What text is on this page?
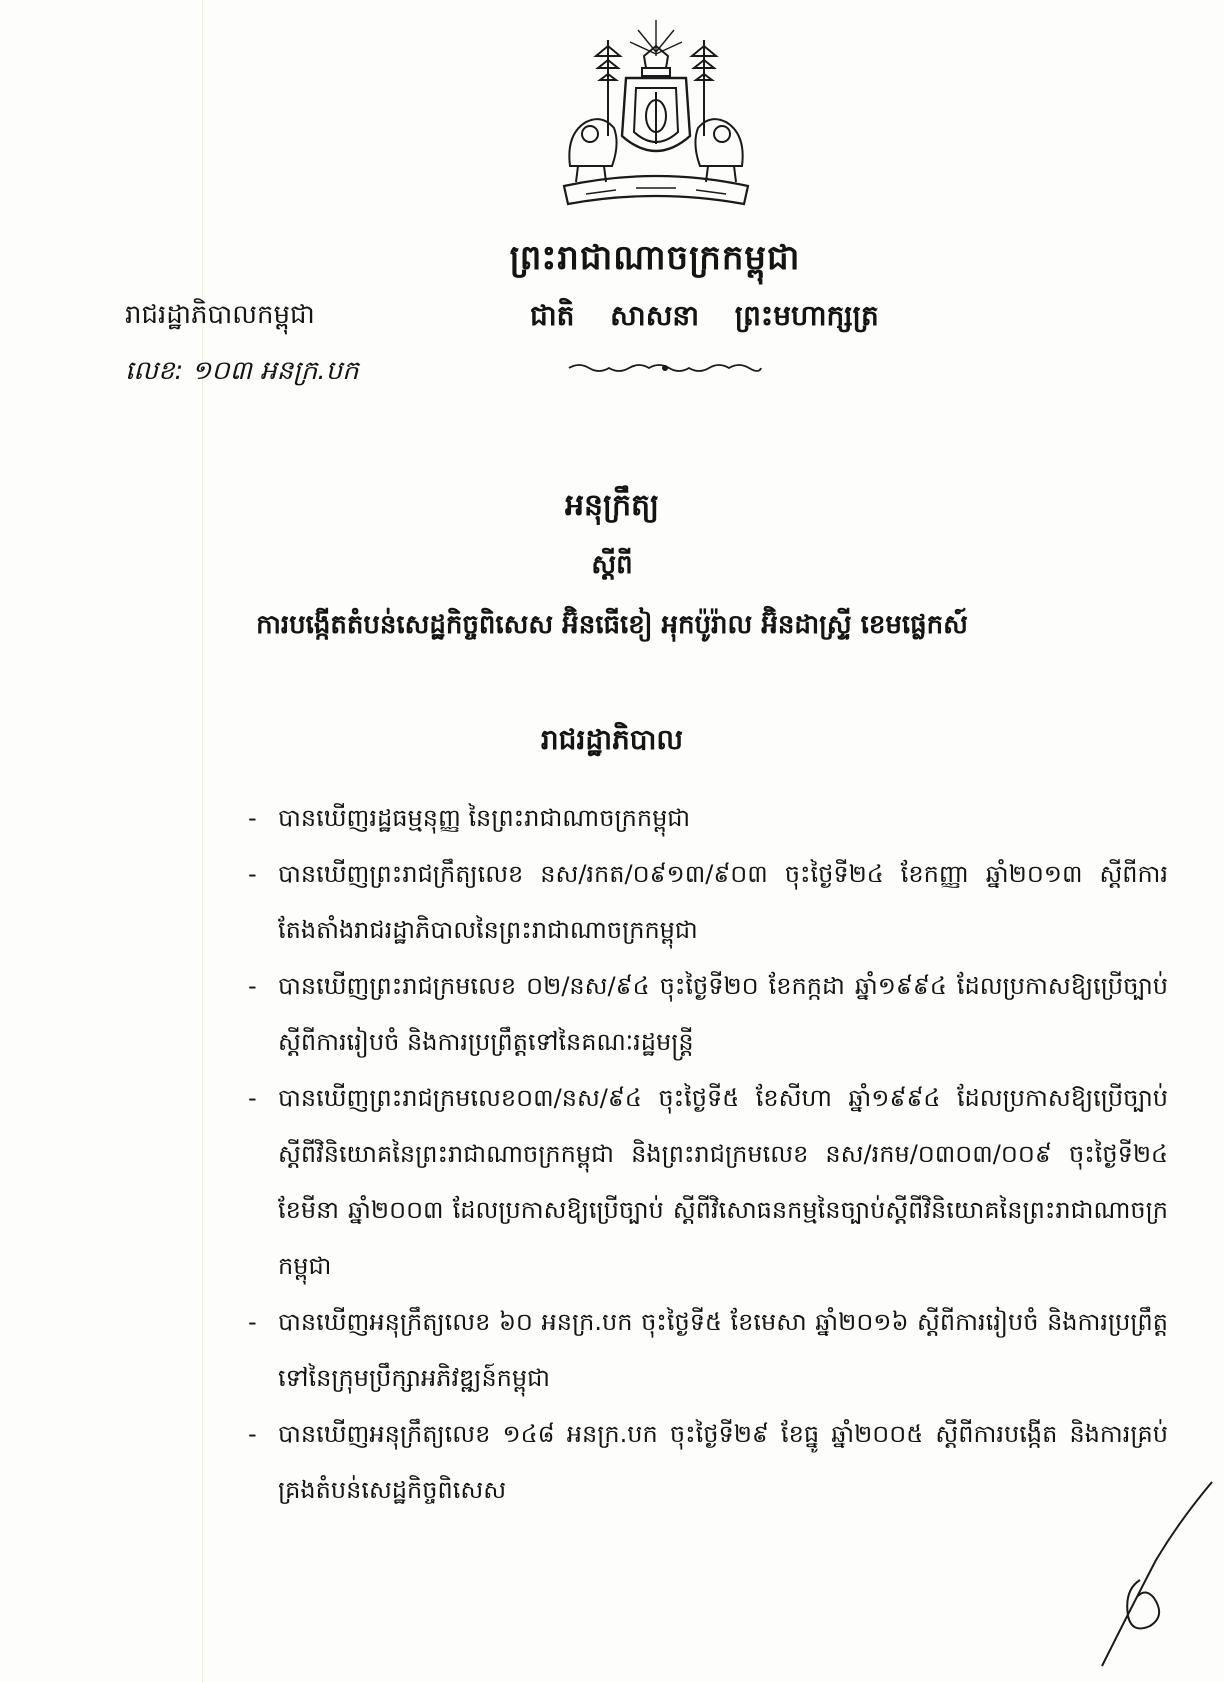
ព្រះរាជាណាចក្រកម្ពុជា
រាជរដ្ឋាភិបាលកម្ពុជា	ជាតិ សាសនា ព្រះមហាក្សត្រ
លេខ: ១០៣ អនក្រ.បក
អនុក្រឹត្យ
ស្តីពី
ការបង្កើតតំបន់សេដ្ឋកិច្ចពិសេស អ៊ិនធើខៀ អុកប៉ូរ៉ាល អ៊ិនដាស្ទ្រី ខេមផ្លេកស៍
រាជរដ្ឋាភិបាល
- បានឃើញរដ្ឋធម្មនុញ្ញ នៃព្រះរាជាណាចក្រកម្ពុជា
- បានឃើញព្រះរាជក្រឹត្យលេខ នស/រកត/០៩១៣/៩០៣ ចុះថ្ងៃទី២៤ ខែកញ្ញា ឆ្នាំ២០១៣ ស្តីពីការតែងតាំងរាជរដ្ឋាភិបាលនៃព្រះរាជាណាចក្រកម្ពុជា
- បានឃើញព្រះរាជក្រមលេខ ០២/នស/៩៤ ចុះថ្ងៃទី២០ ខែកក្កដា ឆ្នាំ១៩៩៤ ដែលប្រកាសឱ្យប្រើច្បាប់ស្តីពីការរៀបចំ និងការប្រព្រឹត្តទៅនៃគណៈរដ្ឋមន្ត្រី
- បានឃើញព្រះរាជក្រមលេខ០៣/នស/៩៤ ចុះថ្ងៃទី៥ ខែសីហា ឆ្នាំ១៩៩៤ ដែលប្រកាសឱ្យប្រើច្បាប់ស្តីពីវិនិយោគនៃព្រះរាជាណាចក្រកម្ពុជា និងព្រះរាជក្រមលេខ នស/រកម/០៣០៣/០០៩ ចុះថ្ងៃទី២៤ ខែមីនា ឆ្នាំ២០០៣ ដែលប្រកាសឱ្យប្រើច្បាប់ ស្តីពីវិសោធនកម្មនៃច្បាប់ស្តីពីវិនិយោគនៃព្រះរាជាណាចក្រកម្ពុជា
- បានឃើញអនុក្រឹត្យលេខ ៦០ អនក្រ.បក ចុះថ្ងៃទី៥ ខែមេសា ឆ្នាំ២០១៦ ស្តីពីការរៀបចំ និងការប្រព្រឹត្តទៅនៃក្រុមប្រឹក្សាអភិវឌ្ឍន៍កម្ពុជា
- បានឃើញអនុក្រឹត្យលេខ ១៤៨ អនក្រ.បក ចុះថ្ងៃទី២៩ ខែធ្នូ ឆ្នាំ២០០៥ ស្តីពីការបង្កើត និងការគ្រប់គ្រងតំបន់សេដ្ឋកិច្ចពិសេស
